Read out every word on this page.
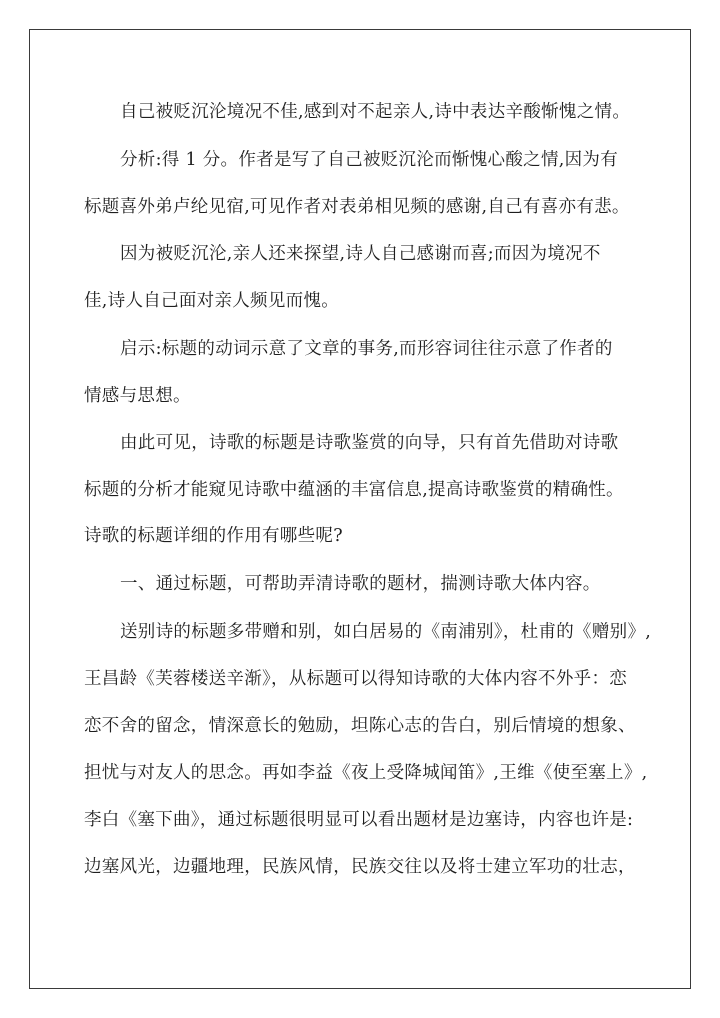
自己被贬沉沦境况不佳,感到对不起亲人,诗中表达辛酸惭愧之情。
分析:得 1 分。作者是写了自己被贬沉沦而惭愧心酸之情,因为有
标题喜外弟卢纶见宿,可见作者对表弟相见频的感谢,自己有喜亦有悲。
因为被贬沉沦,亲人还来探望,诗人自己感谢而喜;而因为境况不
佳,诗人自己面对亲人频见而愧。
启示:标题的动词示意了文章的事务,而形容词往往示意了作者的
情感与思想。
由此可见，诗歌的标题是诗歌鉴赏的向导，只有首先借助对诗歌
标题的分析才能窥见诗歌中蕴涵的丰富信息,提高诗歌鉴赏的精确性。
诗歌的标题详细的作用有哪些呢?
一、通过标题，可帮助弄清诗歌的题材，揣测诗歌大体内容。
送别诗的标题多带赠和别，如白居易的《南浦别》，杜甫的《赠别》,
王昌龄《芙蓉楼送辛渐》，从标题可以得知诗歌的大体内容不外乎：恋
恋不舍的留念，情深意长的勉励，坦陈心志的告白，别后情境的想象、
担忧与对友人的思念。再如李益《夜上受降城闻笛》,王维《使至塞上》,
李白《塞下曲》，通过标题很明显可以看出题材是边塞诗，内容也许是:
边塞风光，边疆地理，民族风情，民族交往以及将士建立军功的壮志，
